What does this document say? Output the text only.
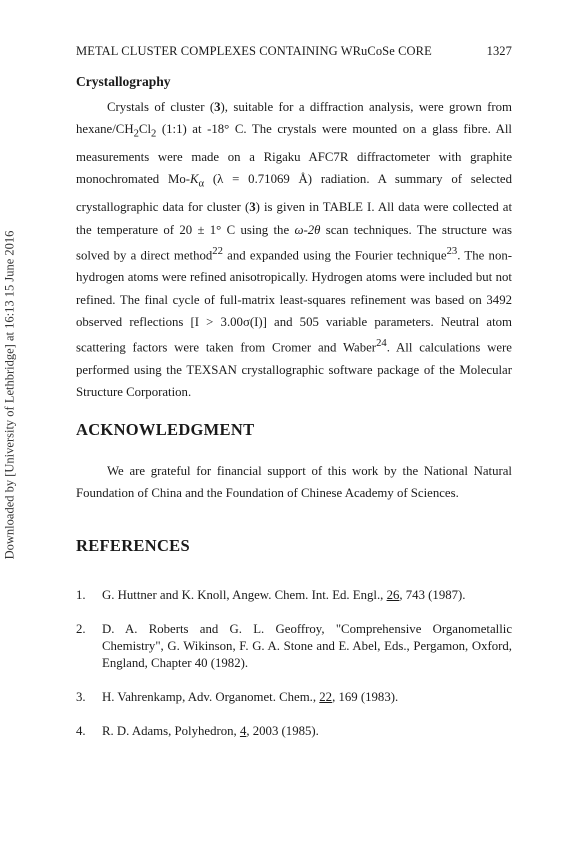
Downloaded by [University of Lethbridge] at 16:13 15 June 2016
METAL CLUSTER COMPLEXES CONTAINING WRuCoSe CORE	1327
Crystallography

Crystals of cluster (3), suitable for a diffraction analysis, were grown from hexane/$CH_2Cl_2$ (1:1) at -18° C. The crystals were mounted on a glass fibre. All measurements were made on a Rigaku AFC7R diffractometer with graphite monochromated $Mo-K_\alpha$ (λ = 0.71069 Å) radiation. A summary of selected crystallographic data for cluster (3) is given in TABLE I. All data were collected at the temperature of 20 ± 1° C using the ω-2θ scan techniques. The structure was solved by a direct method$^{22}$ and expanded using the Fourier technique$^{23}$. The non-hydrogen atoms were refined anisotropically. Hydrogen atoms were included but not refined. The final cycle of full-matrix least-squares refinement was based on 3492 observed reflections [I > 3.00σ(I)] and 505 variable parameters. Neutral atom scattering factors were taken from Cromer and Waber$^{24}$. All calculations were performed using the TEXSAN crystallographic software package of the Molecular Structure Corporation.

ACKNOWLEDGMENT

We are grateful for financial support of this work by the National Natural Foundation of China and the Foundation of Chinese Academy of Sciences.

REFERENCES
1.	G. Huttner and K. Knoll, Angew. Chem. Int. Ed. Engl., 26, 743 (1987).
2.	D. A. Roberts and G. L. Geoffroy, "Comprehensive Organometallic Chemistry", G. Wikinson, F. G. A. Stone and E. Abel, Eds., Pergamon, Oxford, England, Chapter 40 (1982).
3.	H. Vahrenkamp, Adv. Organomet. Chem., 22, 169 (1983).
4.	R. D. Adams, Polyhedron, 4, 2003 (1985).
